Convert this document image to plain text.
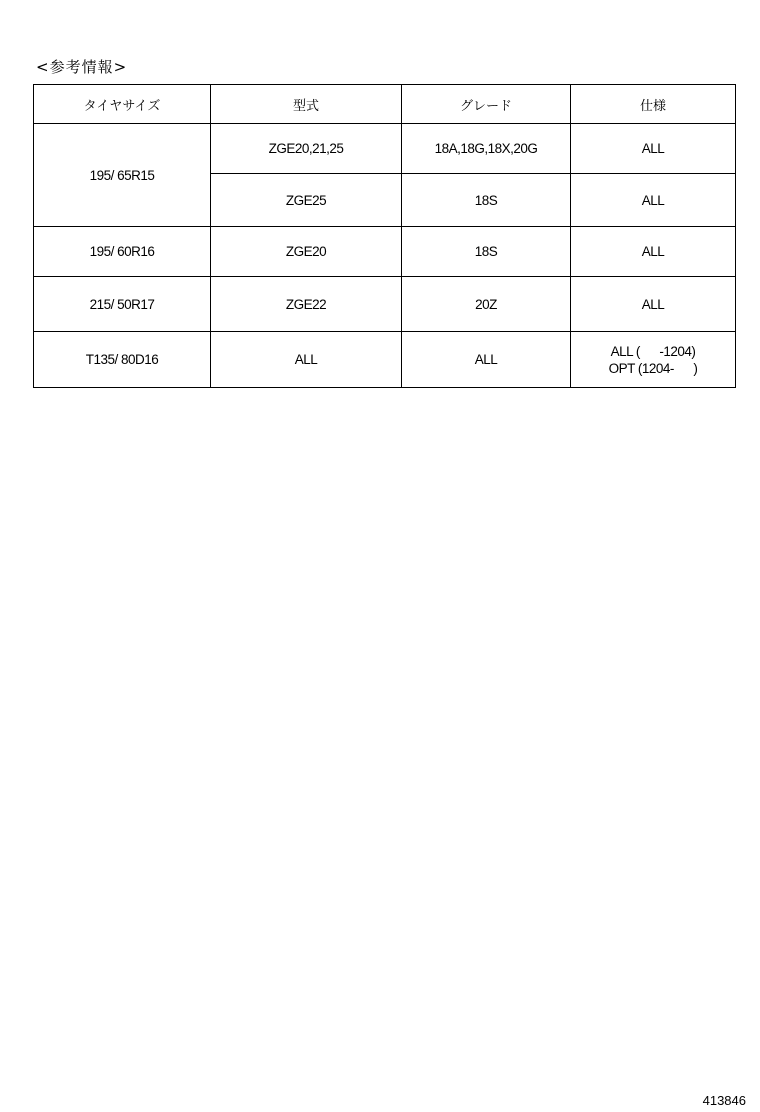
<参考情報>
タイヤサイズ	型式	グレード	仕様
195/ 65R15	ZGE20,21,25	18A,18G,18X,20G	ALL
	ZGE25	18S	ALL
195/ 60R16	ZGE20	18S	ALL
215/ 50R17	ZGE22	20Z	ALL
T135/ 80D16	ALL	ALL	ALL (      -1204)
OPT (1204-      )
413846
